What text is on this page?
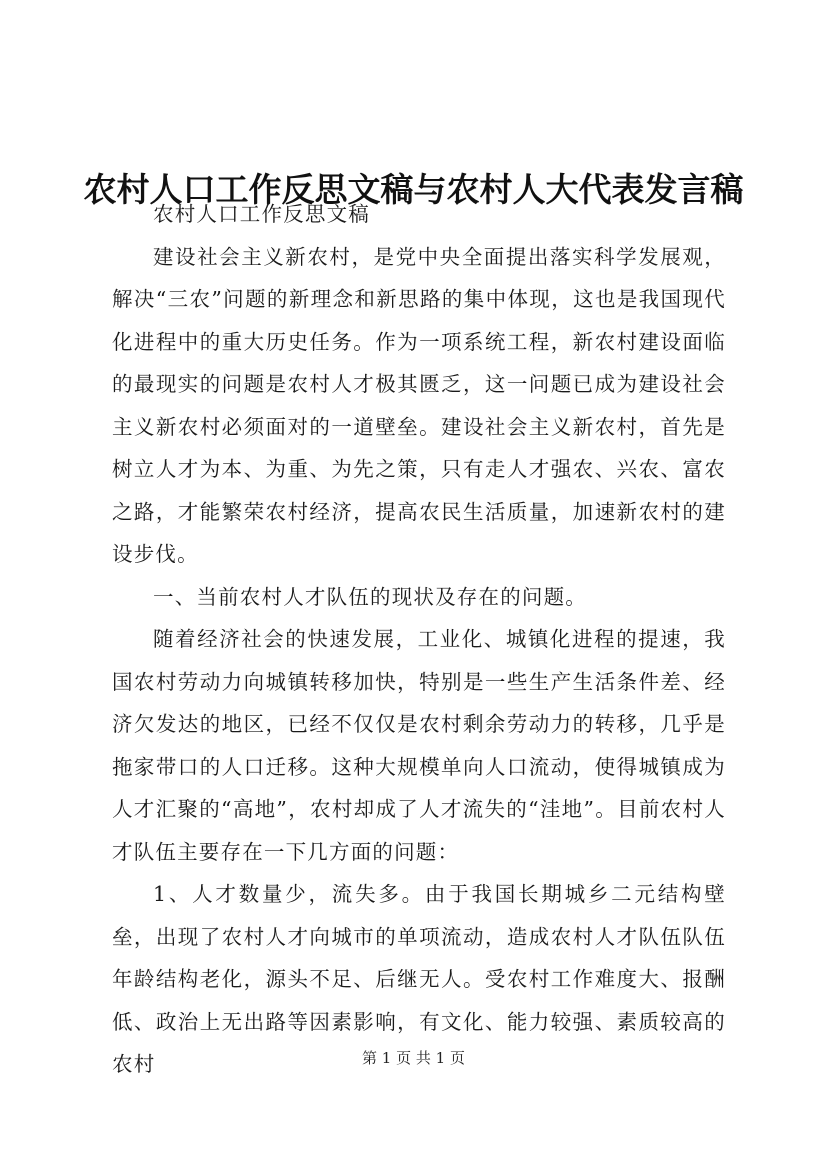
农村人口工作反思文稿与农村人大代表发言稿

农村人口工作反思文稿

建设社会主义新农村，是党中央全面提出落实科学发展观，解决“三农”问题的新理念和新思路的集中体现，这也是我国现代化进程中的重大历史任务。作为一项系统工程，新农村建设面临的最现实的问题是农村人才极其匮乏，这一问题已成为建设社会主义新农村必须面对的一道壁垒。建设社会主义新农村，首先是树立人才为本、为重、为先之策，只有走人才强农、兴农、富农之路，才能繁荣农村经济，提高农民生活质量，加速新农村的建设步伐。

一、当前农村人才队伍的现状及存在的问题。

随着经济社会的快速发展，工业化、城镇化进程的提速，我国农村劳动力向城镇转移加快，特别是一些生产生活条件差、经济欠发达的地区，已经不仅仅是农村剩余劳动力的转移，几乎是拖家带口的人口迁移。这种大规模单向人口流动，使得城镇成为人才汇聚的“高地”，农村却成了人才流失的“洼地”。目前农村人才队伍主要存在一下几方面的问题：

1、人才数量少，流失多。由于我国长期城乡二元结构壁垒，出现了农村人才向城市的单项流动，造成农村人才队伍队伍年龄结构老化，源头不足、后继无人。受农村工作难度大、报酬低、政治上无出路等因素影响，有文化、能力较强、素质较高的农村	第 1 页 共 1 页
